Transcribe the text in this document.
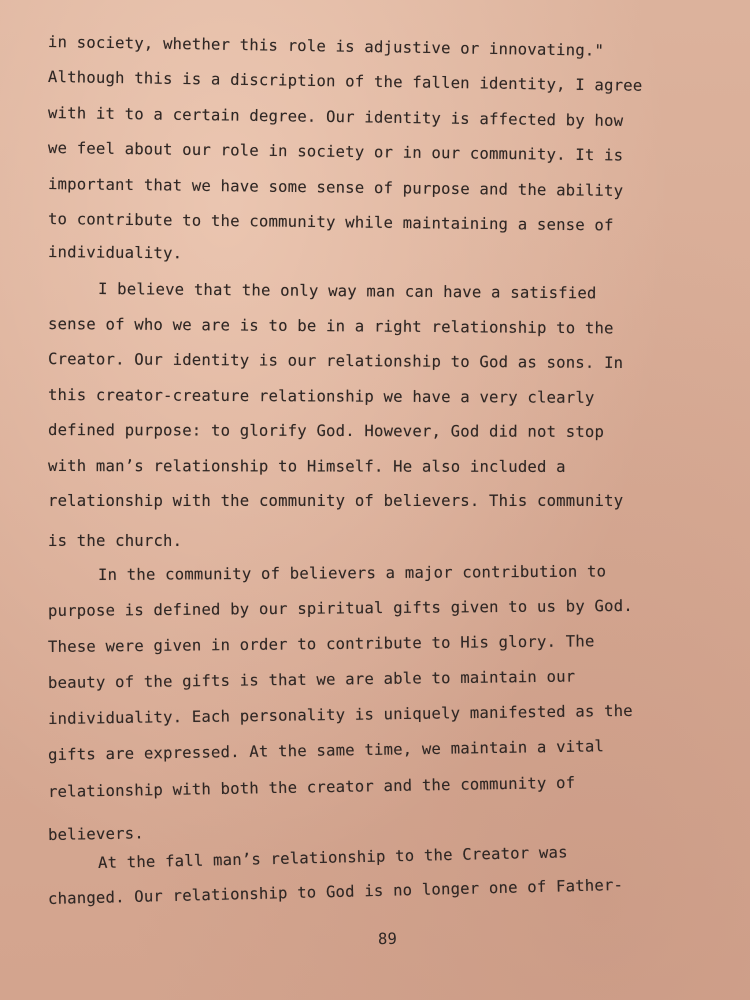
in society, whether this role is adjustive or innovating."

Although this is a discription of the fallen identity, I agree

with it to a certain degree. Our identity is affected by how

we feel about our role in society or in our community. It is

important that we have some sense of purpose and the ability

to contribute to the community while maintaining a sense of

individuality.

I believe that the only way man can have a satisfied

sense of who we are is to be in a right relationship to the

Creator. Our identity is our relationship to God as sons. In

this creator-creature relationship we have a very clearly

defined purpose: to glorify God. However, God did not stop

with man’s relationship to Himself. He also included a

relationship with the community of believers. This community

is the church.

In the community of believers a major contribution to

purpose is defined by our spiritual gifts given to us by God.

These were given in order to contribute to His glory. The

beauty of the gifts is that we are able to maintain our

individuality. Each personality is uniquely manifested as the

gifts are expressed. At the same time, we maintain a vital

relationship with both the creator and the community of

believers.

At the fall man’s relationship to the Creator was

changed. Our relationship to God is no longer one of Father-

89
